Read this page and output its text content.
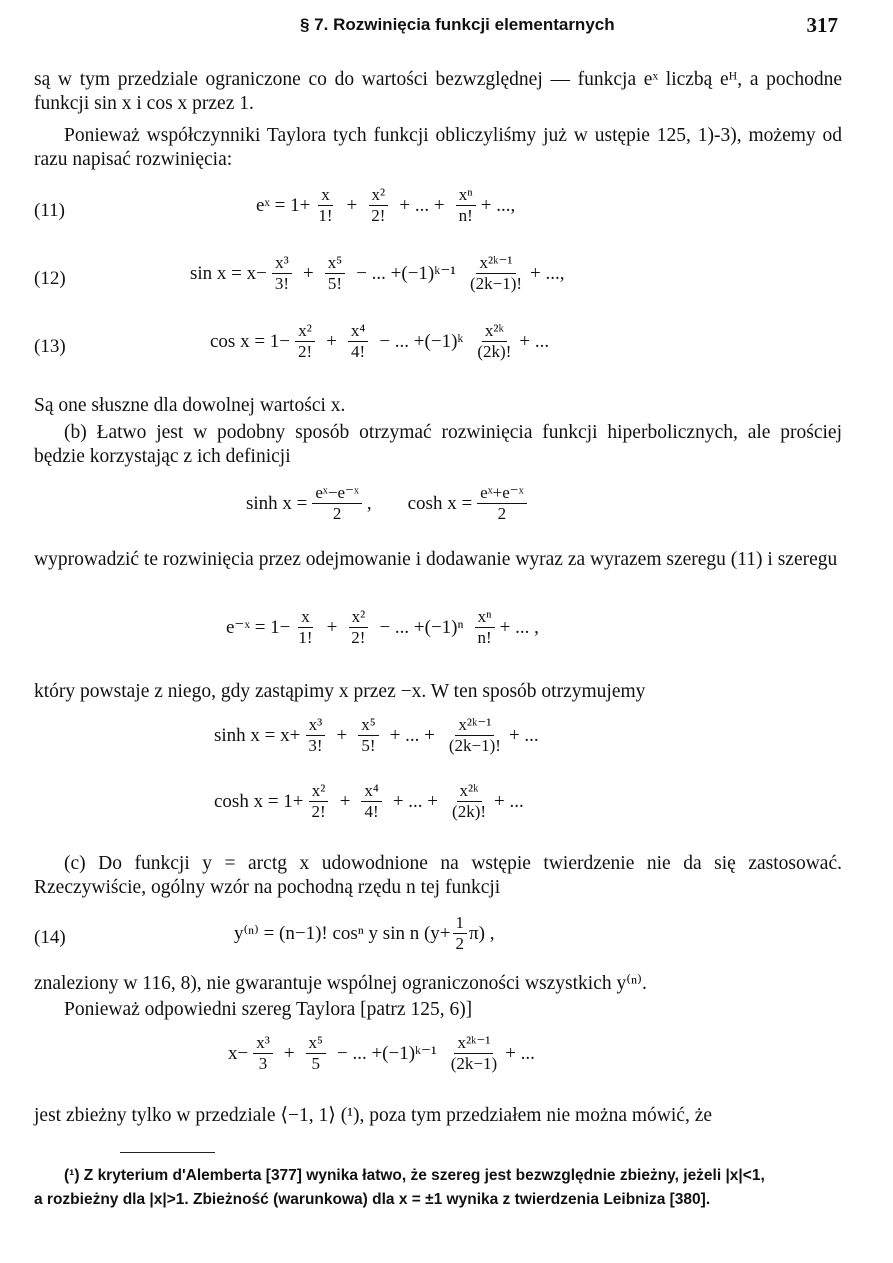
§ 7. Rozwinięcia funkcji elementarnych	317
są w tym przedziale ograniczone co do wartości bezwzględnej — funkcja eˣ liczbą eᴴ, a pochodne funkcji sin x i cos x przez 1.
Ponieważ współczynniki Taylora tych funkcji obliczyliśmy już w ustępie 125, 1)-3), możemy od razu napisać rozwinięcia:
(11)	eˣ =
$1+ \frac{x}{1!} + \frac{\text{x²}}{2!}$ + ... + $\frac{\text{xⁿ}}{n!}$ + ...,
(12)	sin x =
$x- \frac{\text{x³}}{3!} + \frac{\text{x⁵}}{5!}$ − ... +(−1)ᵏ⁻¹ $\frac{\text{x²ᵏ⁻¹}}{(2k-1)!}$ + ...,
(13)	cos x =
$1- \frac{\text{x²}}{2!} + \frac{\text{x⁴}}{4!}$ − ... +(−1)ᵏ $\frac{\text{x²ᵏ}}{(2k)!}$ + ...
Są one słuszne dla dowolnej wartości x.
(b) Łatwo jest w podobny sposób otrzymać rozwinięcia funkcji hiperbolicznych, ale prościej będzie korzystając z ich definicji
$\sinh x = \frac{\text{eˣ−e⁻ˣ}}{2}$ , $\cosh x = \frac{\text{eˣ+e⁻ˣ}}{2}$
wyprowadzić te rozwinięcia przez odejmowanie i dodawanie wyraz za wyrazem szeregu (11) i szeregu
e⁻ˣ =
$1- \frac{x}{1!} + \frac{\text{x²}}{2!}$ − ... $+(-1)^n \frac{\text{xⁿ}}{n!}$ + ... ,
który powstaje z niego, gdy zastąpimy x przez −x. W ten sposób otrzymujemy
sinh x =
$x+ \frac{\text{x³}}{3!} + \frac{\text{x⁵}}{5!}$ + ... + $\frac{\text{x²ᵏ⁻¹}}{(2k-1)!}$ + ...
cosh x =
$1+ \frac{\text{x²}}{2!} + \frac{\text{x⁴}}{4!}$ + ... + $\frac{\text{x²ᵏ}}{(2k)!}$ + ...
(c) Do funkcji y = arctg x udowodnione na wstępie twierdzenie nie da się zastosować. Rzeczywiście, ogólny wzór na pochodną rzędu n tej funkcji
(14)	y⁽ⁿ⁾ =
(n−1)! cosⁿ y sin n $(y+ \frac{1}{2} \pi)$ ,
znaleziony w 116, 8), nie gwarantuje wspólnej ograniczoności wszystkich y⁽ⁿ⁾.
Ponieważ odpowiedni szereg Taylora [patrz 125, 6)]
$x- \frac{\text{x³}}{3} + \frac{\text{x⁵}}{5}$ − ... +(−1)ᵏ⁻¹ $\frac{\text{x²ᵏ⁻¹}}{(2k-1)}$ + ...
jest zbieżny tylko w przedziale ⟨−1, 1⟩ (¹), poza tym przedziałem nie można mówić, że
(¹) Z kryterium d'Alemberta [377] wynika łatwo, że szereg jest bezwzględnie zbieżny, jeżeli |x|<1,
a rozbieżny dla |x|>1. Zbieżność (warunkowa) dla x = ±1 wynika z twierdzenia Leibniza [380].
